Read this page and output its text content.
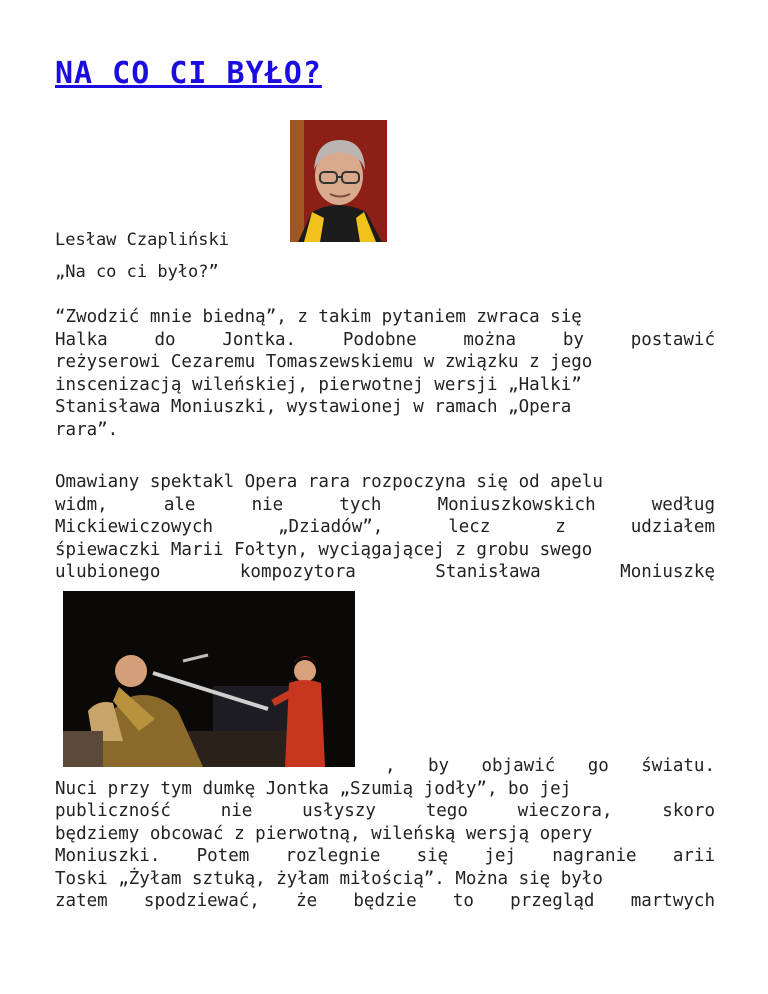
NA CO CI BYŁO?
Lesław Czapliński
„Na co ci było?”
“Zwodzić mnie biedną”, z takim pytaniem zwraca się
Halka do Jontka. Podobne można by postawić
reżyserowi Cezaremu Tomaszewskiemu w związku z jego
inscenizacją wileńskiej, pierwotnej wersji „Halki”
Stanisława Moniuszki, wystawionej w ramach „Opera
rara”.
Omawiany spektakl Opera rara rozpoczyna się od apelu
widm, ale nie tych Moniuszkowskich według
Mickiewiczowych „Dziadów”, lecz z udziałem
śpiewaczki Marii Fołtyn, wyciągającej z grobu swego
ulubionego kompozytora Stanisława Moniuszkę
, by objawić go światu.
Nuci przy tym dumkę Jontka „Szumią jodły”, bo jej
publiczność nie usłyszy tego wieczora, skoro
będziemy obcować z pierwotną, wileńską wersją opery
Moniuszki. Potem rozlegnie się jej nagranie arii
Toski „Żyłam sztuką, żyłam miłością”. Można się było
zatem spodziewać, że będzie to przegląd martwych
